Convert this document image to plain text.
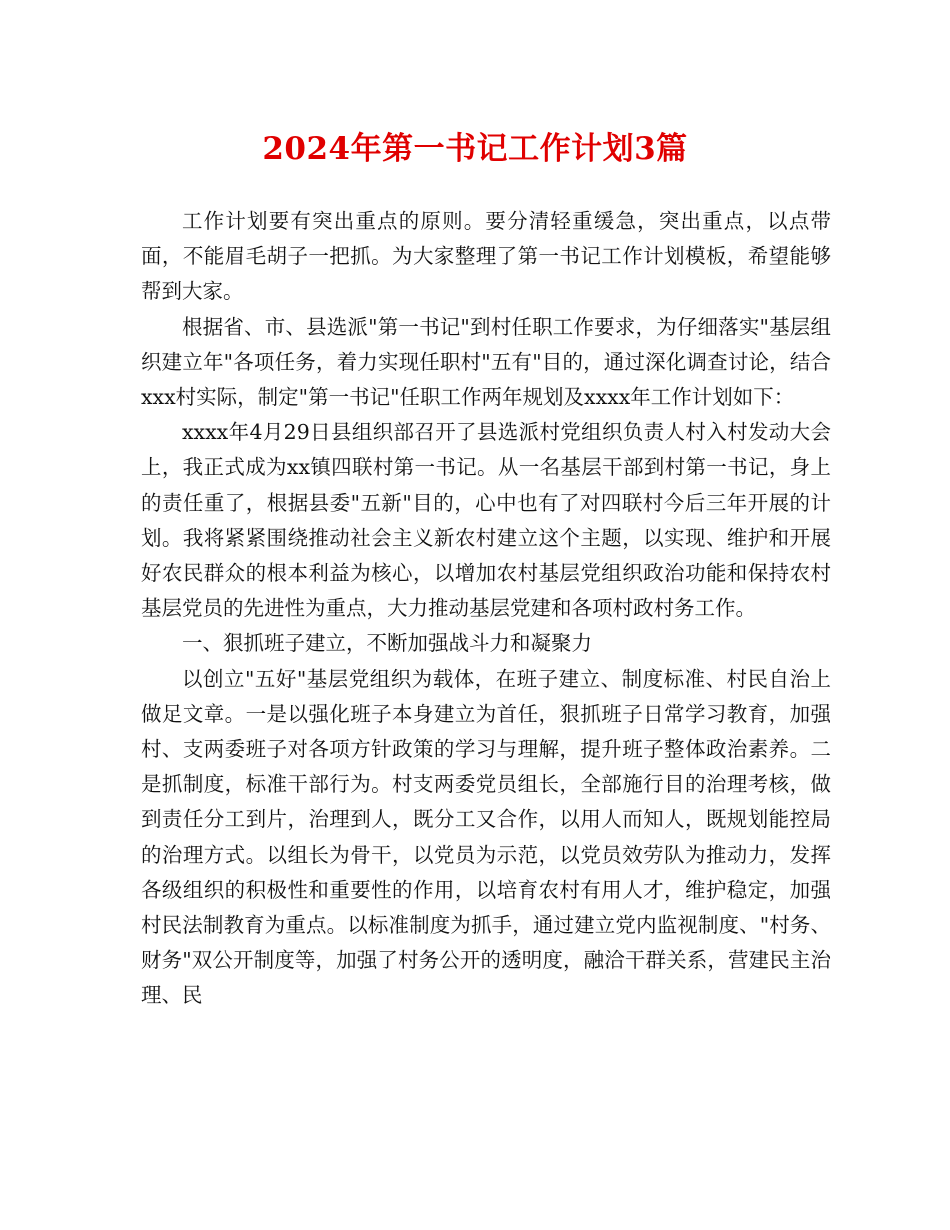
2024年第一书记工作计划3篇

工作计划要有突出重点的原则。要分清轻重缓急，突出重点，以点带面，不能眉毛胡子一把抓。为大家整理了第一书记工作计划模板，希望能够帮到大家。

根据省、市、县选派"第一书记"到村任职工作要求，为仔细落实"基层组织建立年"各项任务，着力实现任职村"五有"目的，通过深化调查讨论，结合xxx村实际，制定"第一书记"任职工作两年规划及xxxx年工作计划如下：

xxxx年4月29日县组织部召开了县选派村党组织负责人村入村发动大会上，我正式成为xx镇四联村第一书记。从一名基层干部到村第一书记，身上的责任重了，根据县委"五新"目的，心中也有了对四联村今后三年开展的计划。我将紧紧围绕推动社会主义新农村建立这个主题，以实现、维护和开展好农民群众的根本利益为核心，以增加农村基层党组织政治功能和保持农村基层党员的先进性为重点，大力推动基层党建和各项村政村务工作。

一、狠抓班子建立，不断加强战斗力和凝聚力

以创立"五好"基层党组织为载体，在班子建立、制度标准、村民自治上做足文章。一是以强化班子本身建立为首任，狠抓班子日常学习教育，加强村、支两委班子对各项方针政策的学习与理解，提升班子整体政治素养。二是抓制度，标准干部行为。村支两委党员组长，全部施行目的治理考核，做到责任分工到片，治理到人，既分工又合作，以用人而知人，既规划能控局的治理方式。以组长为骨干，以党员为示范，以党员效劳队为推动力，发挥各级组织的积极性和重要性的作用，以培育农村有用人才，维护稳定，加强村民法制教育为重点。以标准制度为抓手，通过建立党内监视制度、"村务、财务"双公开制度等，加强了村务公开的透明度，融洽干群关系，营建民主治理、民
